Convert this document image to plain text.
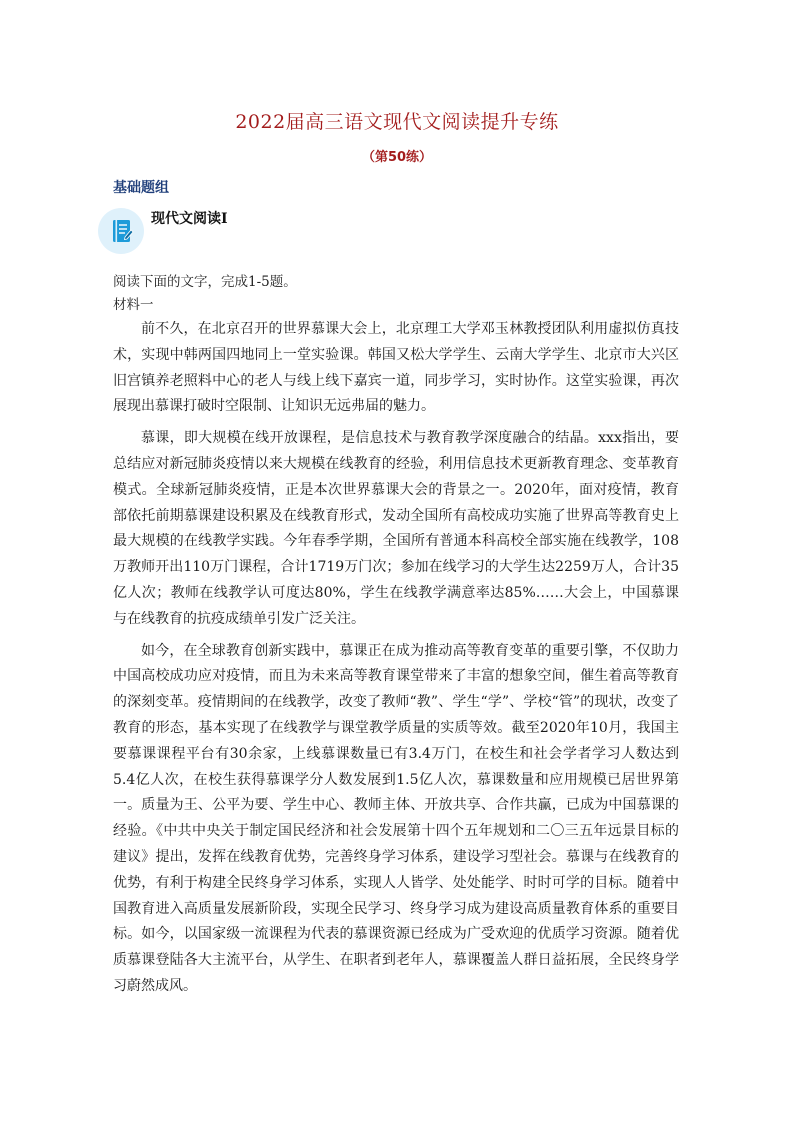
2022届高三语文现代文阅读提升专练
（第50练）
基础题组
现代文阅读Ⅰ
阅读下面的文字，完成1-5题。
材料一

前不久，在北京召开的世界慕课大会上，北京理工大学邓玉林教授团队利用虚拟仿真技术，实现中韩两国四地同上一堂实验课。韩国又松大学学生、云南大学学生、北京市大兴区旧宫镇养老照料中心的老人与线上线下嘉宾一道，同步学习，实时协作。这堂实验课，再次展现出慕课打破时空限制、让知识无远弗届的魅力。

慕课，即大规模在线开放课程，是信息技术与教育教学深度融合的结晶。xxx指出，要总结应对新冠肺炎疫情以来大规模在线教育的经验，利用信息技术更新教育理念、变革教育模式。全球新冠肺炎疫情，正是本次世界慕课大会的背景之一。2020年，面对疫情，教育部依托前期慕课建设积累及在线教育形式，发动全国所有高校成功实施了世界高等教育史上最大规模的在线教学实践。今年春季学期，全国所有普通本科高校全部实施在线教学，108万教师开出110万门课程，合计1719万门次；参加在线学习的大学生达2259万人，合计35亿人次；教师在线教学认可度达80%，学生在线教学满意率达85%……大会上，中国慕课与在线教育的抗疫成绩单引发广泛关注。

如今，在全球教育创新实践中，慕课正在成为推动高等教育变革的重要引擎，不仅助力中国高校成功应对疫情，而且为未来高等教育课堂带来了丰富的想象空间，催生着高等教育的深刻变革。疫情期间的在线教学，改变了教师“教”、学生“学”、学校“管”的现状，改变了教育的形态，基本实现了在线教学与课堂教学质量的实质等效。截至2020年10月，我国主要慕课课程平台有30余家，上线慕课数量已有3.4万门，在校生和社会学者学习人数达到5.4亿人次，在校生获得慕课学分人数发展到1.5亿人次，慕课数量和应用规模已居世界第一。质量为王、公平为要、学生中心、教师主体、开放共享、合作共赢，已成为中国慕课的经验。《中共中央关于制定国民经济和社会发展第十四个五年规划和二〇三五年远景目标的建议》提出，发挥在线教育优势，完善终身学习体系，建设学习型社会。慕课与在线教育的优势，有利于构建全民终身学习体系，实现人人皆学、处处能学、时时可学的目标。随着中国教育进入高质量发展新阶段，实现全民学习、终身学习成为建设高质量教育体系的重要目标。如今，以国家级一流课程为代表的慕课资源已经成为广受欢迎的优质学习资源。随着优质慕课登陆各大主流平台，从学生、在职者到老年人，慕课覆盖人群日益拓展，全民终身学习蔚然成风。
